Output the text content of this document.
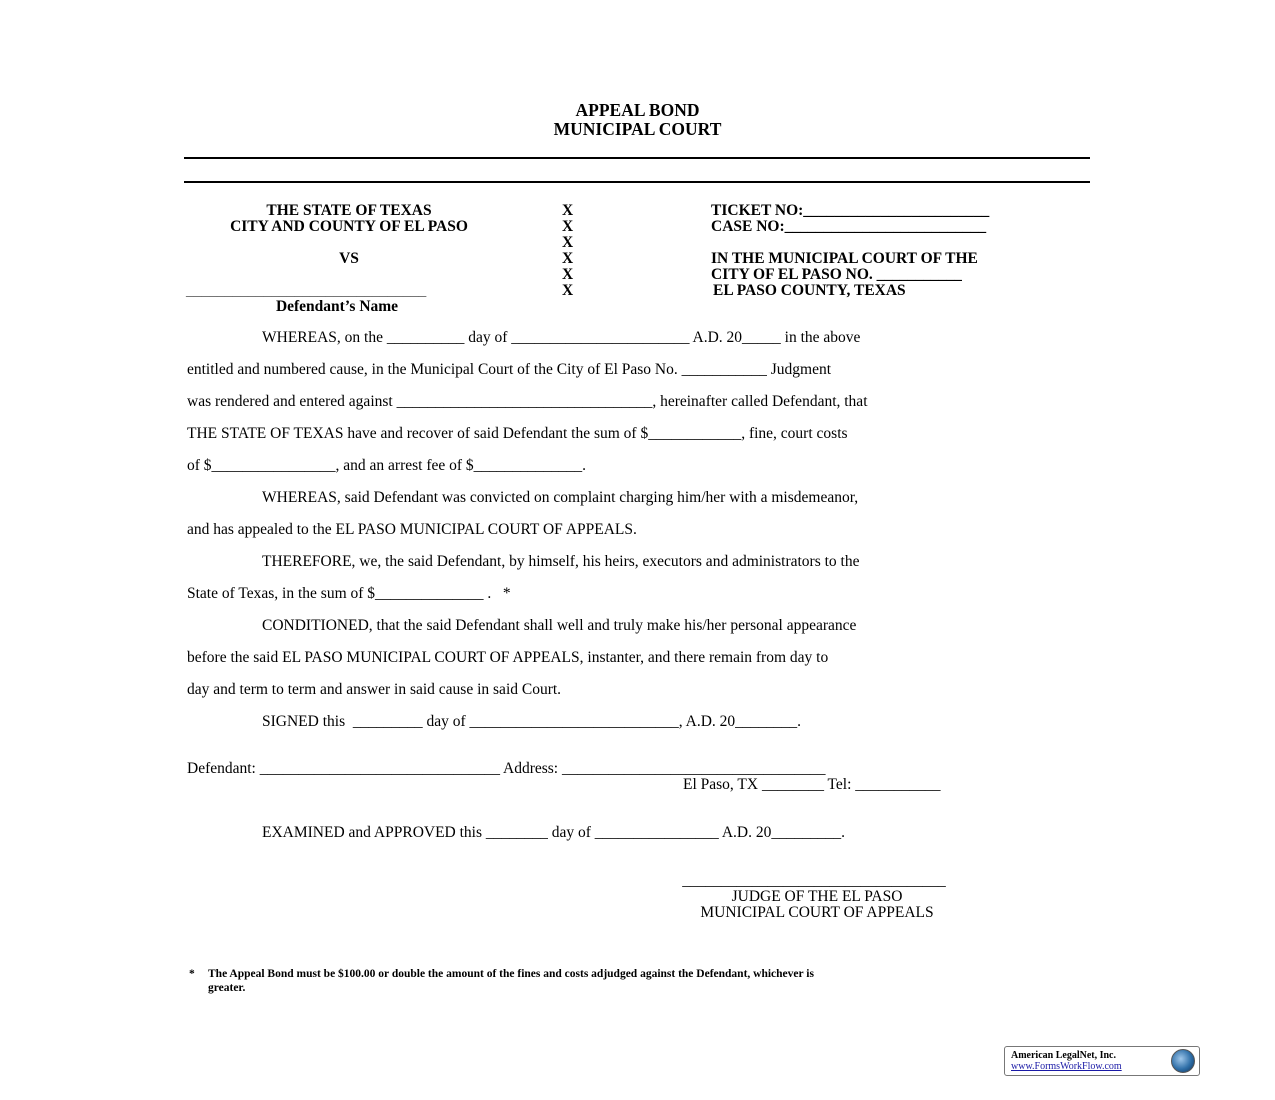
APPEAL BOND
MUNICIPAL COURT
THE STATE OF TEXAS
CITY AND COUNTY OF EL PASO
VS
_______________________________
Defendant’s Name
X
X
X
X
X
X
TICKET NO:________________________
CASE NO:__________________________
IN THE MUNICIPAL COURT OF THE
CITY OF EL PASO NO. ___________
EL PASO COUNTY, TEXAS
WHEREAS, on the __________ day of _______________________ A.D. 20_____ in the above
entitled and numbered cause, in the Municipal Court of the City of El Paso No. ___________ Judgment
was rendered and entered against _________________________________, hereinafter called Defendant, that
THE STATE OF TEXAS have and recover of said Defendant the sum of $____________, fine, court costs
of $________________, and an arrest fee of $______________.
WHEREAS, said Defendant was convicted on complaint charging him/her with a misdemeanor,
and has appealed to the EL PASO MUNICIPAL COURT OF APPEALS.
THEREFORE, we, the said Defendant, by himself, his heirs, executors and administrators to the
State of Texas, in the sum of $______________ .   *
CONDITIONED, that the said Defendant shall well and truly make his/her personal appearance
before the said EL PASO MUNICIPAL COURT OF APPEALS, instanter, and there remain from day to
day and term to term and answer in said cause in said Court.
SIGNED this  _________ day of ___________________________, A.D. 20________.
Defendant: _______________________________ Address: __________________________________
El Paso, TX ________ Tel: ___________
EXAMINED and APPROVED this ________ day of ________________ A.D. 20_________.
__________________________________
JUDGE OF THE EL PASO
MUNICIPAL COURT OF APPEALS
* The Appeal Bond must be $100.00 or double the amount of the fines and costs adjudged against the Defendant, whichever is
greater.
American LegalNet, Inc.
www.FormsWorkFlow.com
